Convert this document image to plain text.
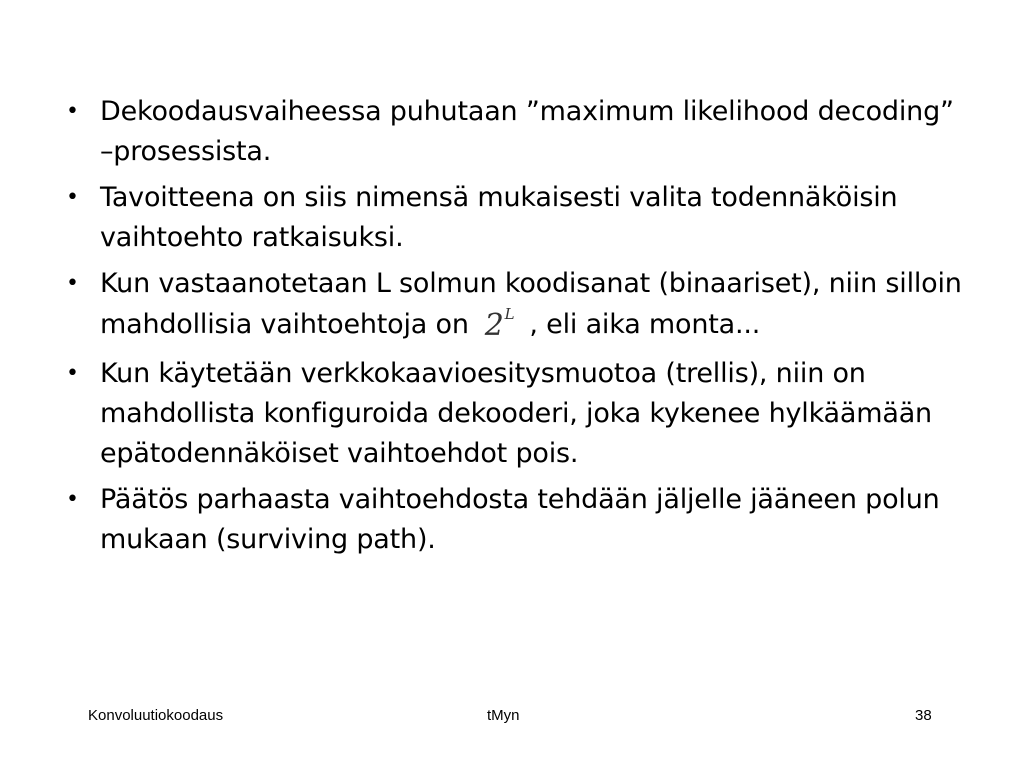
• Dekoodausvaiheessa puhutaan ”maximum likelihood decoding” –prosessista.
• Tavoitteena on siis nimensä mukaisesti valita todennäköisin vaihtoehto ratkaisuksi.
• Kun vastaanotetaan L solmun koodisanat (binaariset), niin silloin mahdollisia vaihtoehtoja on $2^L$ , eli aika monta...
• Kun käytetään verkkokaavioesitysmuotoa (trellis), niin on mahdollista konfiguroida dekooderi, joka kykenee hylkäämään epätodennäköiset vaihtoehdot pois.
• Päätös parhaasta vaihtoehdosta tehdään jäljelle jääneen polun mukaan (surviving path).
Konvoluutiokoodaus	tMyn	38
